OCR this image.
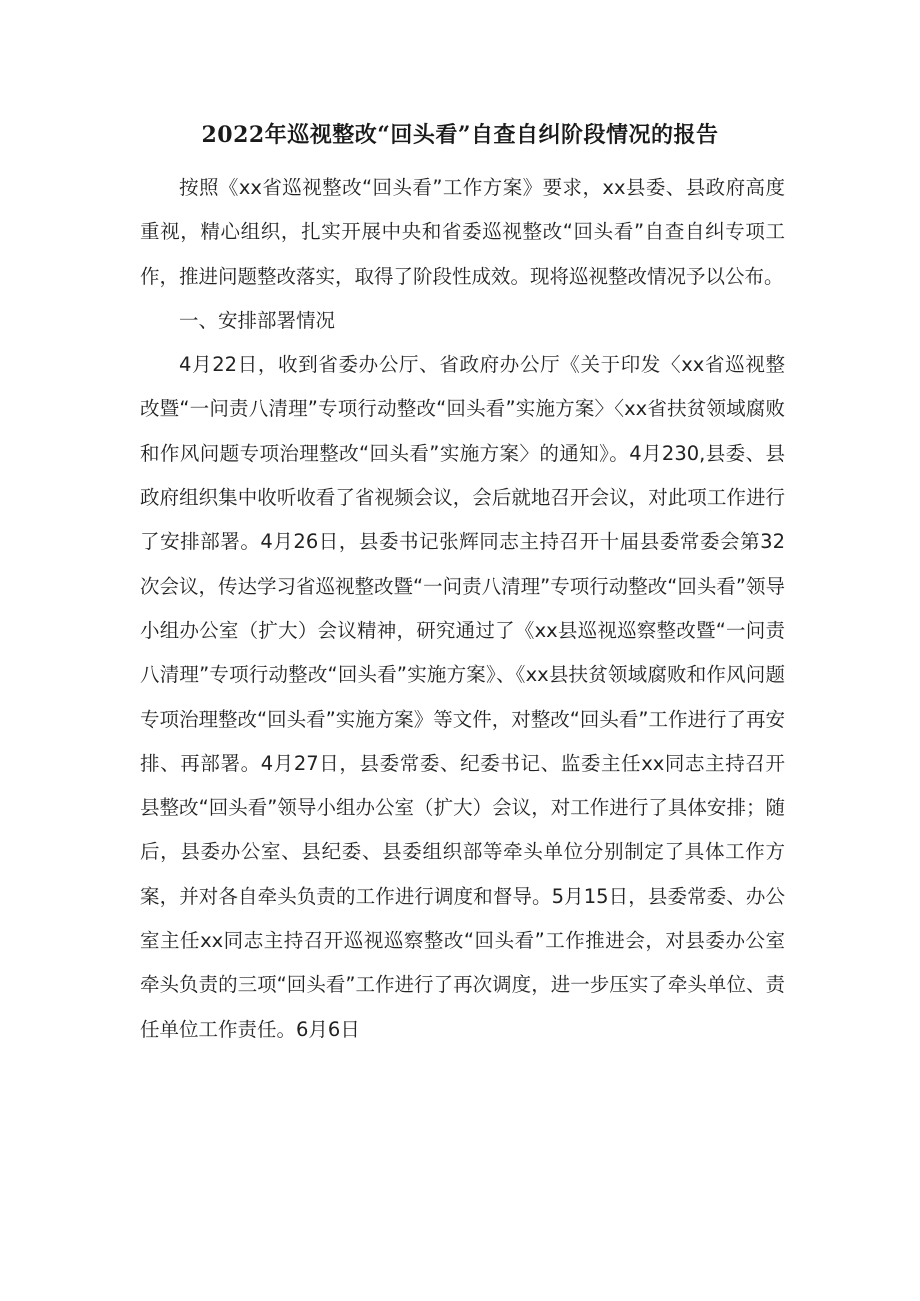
2022年巡视整改“回头看”自查自纠阶段情况的报告

按照《xx省巡视整改“回头看”工作方案》要求，xx县委、县政府高度重视，精心组织，扎实开展中央和省委巡视整改“回头看”自查自纠专项工作，推进问题整改落实，取得了阶段性成效。现将巡视整改情况予以公布。

一、安排部署情况

4月22日，收到省委办公厅、省政府办公厅《关于印发〈xx省巡视整改暨“一问责八清理”专项行动整改“回头看”实施方案〉〈xx省扶贫领域腐败和作风问题专项治理整改“回头看”实施方案〉的通知》。4月230,县委、县政府组织集中收听收看了省视频会议，会后就地召开会议，对此项工作进行了安排部署。4月26日，县委书记张辉同志主持召开十届县委常委会第32次会议，传达学习省巡视整改暨“一问责八清理”专项行动整改“回头看”领导小组办公室（扩大）会议精神，研究通过了《xx县巡视巡察整改暨“一问责八清理”专项行动整改“回头看”实施方案》、《xx县扶贫领域腐败和作风问题专项治理整改“回头看”实施方案》等文件，对整改“回头看”工作进行了再安排、再部署。4月27日，县委常委、纪委书记、监委主任xx同志主持召开县整改“回头看”领导小组办公室（扩大）会议，对工作进行了具体安排；随后，县委办公室、县纪委、县委组织部等牵头单位分别制定了具体工作方案，并对各自牵头负责的工作进行调度和督导。5月15日，县委常委、办公室主任xx同志主持召开巡视巡察整改“回头看”工作推进会，对县委办公室牵头负责的三项“回头看”工作进行了再次调度，进一步压实了牵头单位、责任单位工作责任。6月6日
